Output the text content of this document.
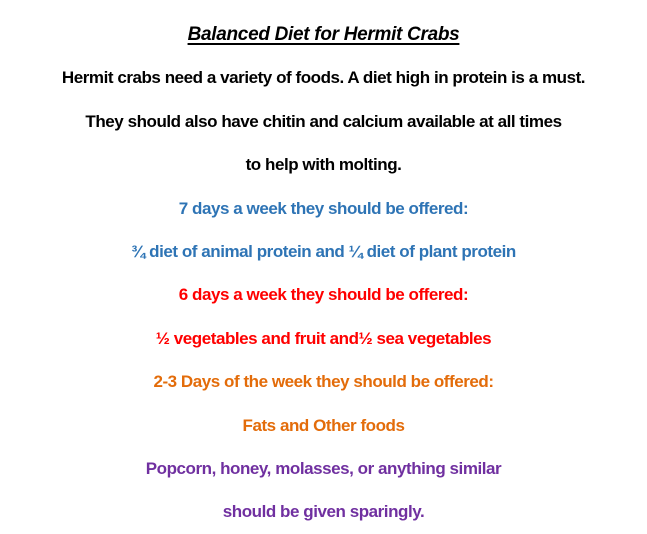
Balanced Diet for Hermit Crabs
Hermit crabs need a variety of foods. A diet high in protein is a must.
They should also have chitin and calcium available at all times
to help with molting.
7 days a week they should be offered:
¾ diet of animal protein and ¼ diet of plant protein
6 days a week they should be offered:
½ vegetables and fruit and½ sea vegetables
2-3 Days of the week they should be offered:
Fats and Other foods
Popcorn, honey, molasses, or anything similar
should be given sparingly.
